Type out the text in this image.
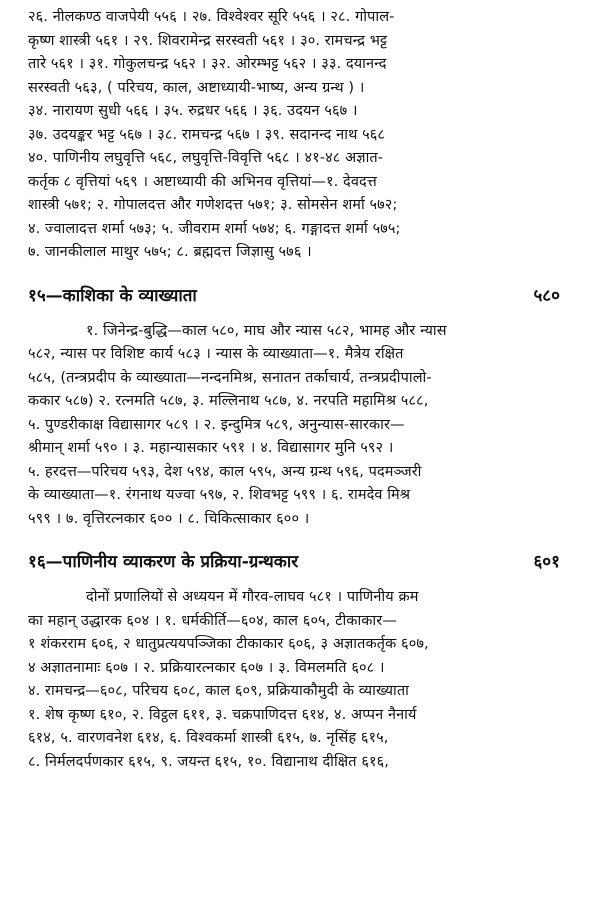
२६. नीलकण्ठ वाजपेयी ५५६ । २७. विश्वेश्वर सूरि ५५६ । २८. गोपाल-
कृष्ण शास्त्री ५६१ । २९. शिवरामेन्द्र सरस्वती ५६१ । ३०. रामचन्द्र भट्ट
तारे ५६१ । ३१. गोकुलचन्द्र ५६२ । ३२. ओरम्भट्ट ५६२ । ३३. दयानन्द
सरस्वती ५६३, ( परिचय, काल, अष्टाध्यायी-भाष्य, अन्य ग्रन्थ ) ।
३४. नारायण सुधी ५६६ । ३५. रुद्रधर ५६६ । ३६. उदयन ५६७ ।
३७. उदयङ्कर भट्ट ५६७ । ३८. रामचन्द्र ५६७ । ३९. सदानन्द नाथ ५६८
४०. पाणिनीय लघुवृत्ति ५६८, लघुवृत्ति-विवृत्ति ५६८ । ४१-४८ अज्ञात-
कर्तृक ८ वृत्तियां ५६९ । अष्टाध्यायी की अभिनव वृत्तियां—१. देवदत्त
शास्त्री ५७१; २. गोपालदत्त और गणेशदत्त ५७१; ३. सोमसेन शर्मा ५७२;
४. ज्वालादत्त शर्मा ५७३; ५. जीवराम शर्मा ५७४; ६. गङ्गादत्त शर्मा ५७५;
७. जानकीलाल माथुर ५७५; ८. ब्रह्मदत्त जिज्ञासु ५७६ ।
१५—काशिका के व्याख्याता	५८०
१. जिनेन्द्र-बुद्धि—काल ५८०, माघ और न्यास ५८२, भामह और न्यास
५८२, न्यास पर विशिष्ट कार्य ५८३ । न्यास के व्याख्याता—१. मैत्रेय रक्षित
५८५, (तन्त्रप्रदीप के व्याख्याता—नन्दनमिश्र, सनातन तर्काचार्य, तन्त्रप्रदीपालो-
ककार ५८७) २. रत्नमति ५८७, ३. मल्लिनाथ ५८७, ४. नरपति महामिश्र ५८८,
५. पुण्डरीकाक्ष विद्यासागर ५८९ । २. इन्दुमित्र ५८९, अनुन्यास-सारकार—
श्रीमान् शर्मा ५९० । ३. महान्यासकार ५९१ । ४. विद्यासागर मुनि ५९२ ।
५. हरदत्त—परिचय ५९३, देश ५९४, काल ५९५, अन्य ग्रन्थ ५९६, पदमञ्जरी
के व्याख्याता—१. रंगनाथ यज्वा ५९७, २. शिवभट्ट ५९९ । ६. रामदेव मिश्र
५९९ । ७. वृत्तिरत्नकार ६०० । ८. चिकित्साकार ६०० ।
१६—पाणिनीय व्याकरण के प्रक्रिया-ग्रन्थकार	६०१
दोनों प्रणालियों से अध्ययन में गौरव-लाघव ५८१ । पाणिनीय क्रम
का महान् उद्धारक ६०४ । १. धर्मकीर्ति—६०४, काल ६०५, टीकाकार—
१ शंकरराम ६०६, २ धातुप्रत्ययपञ्जिका टीकाकार ६०६, ३ अज्ञातकर्तृक ६०७,
४ अज्ञातनामाः ६०७ । २. प्रक्रियारत्नकार ६०७ । ३. विमलमति ६०८ ।
४. रामचन्द्र—६०८, परिचय ६०८, काल ६०९, प्रक्रियाकौमुदी के व्याख्याता
१. शेष कृष्ण ६१०, २. विट्ठल ६११, ३. चक्रपाणिदत्त ६१४, ४. अप्पन नैनार्य
६१४, ५. वारणवनेश ६१४, ६. विश्वकर्मा शास्त्री ६१५, ७. नृसिंह ६१५,
८. निर्मलदर्पणकार ६१५, ९. जयन्त ६१५, १०. विद्यानाथ दीक्षित ६१६,
